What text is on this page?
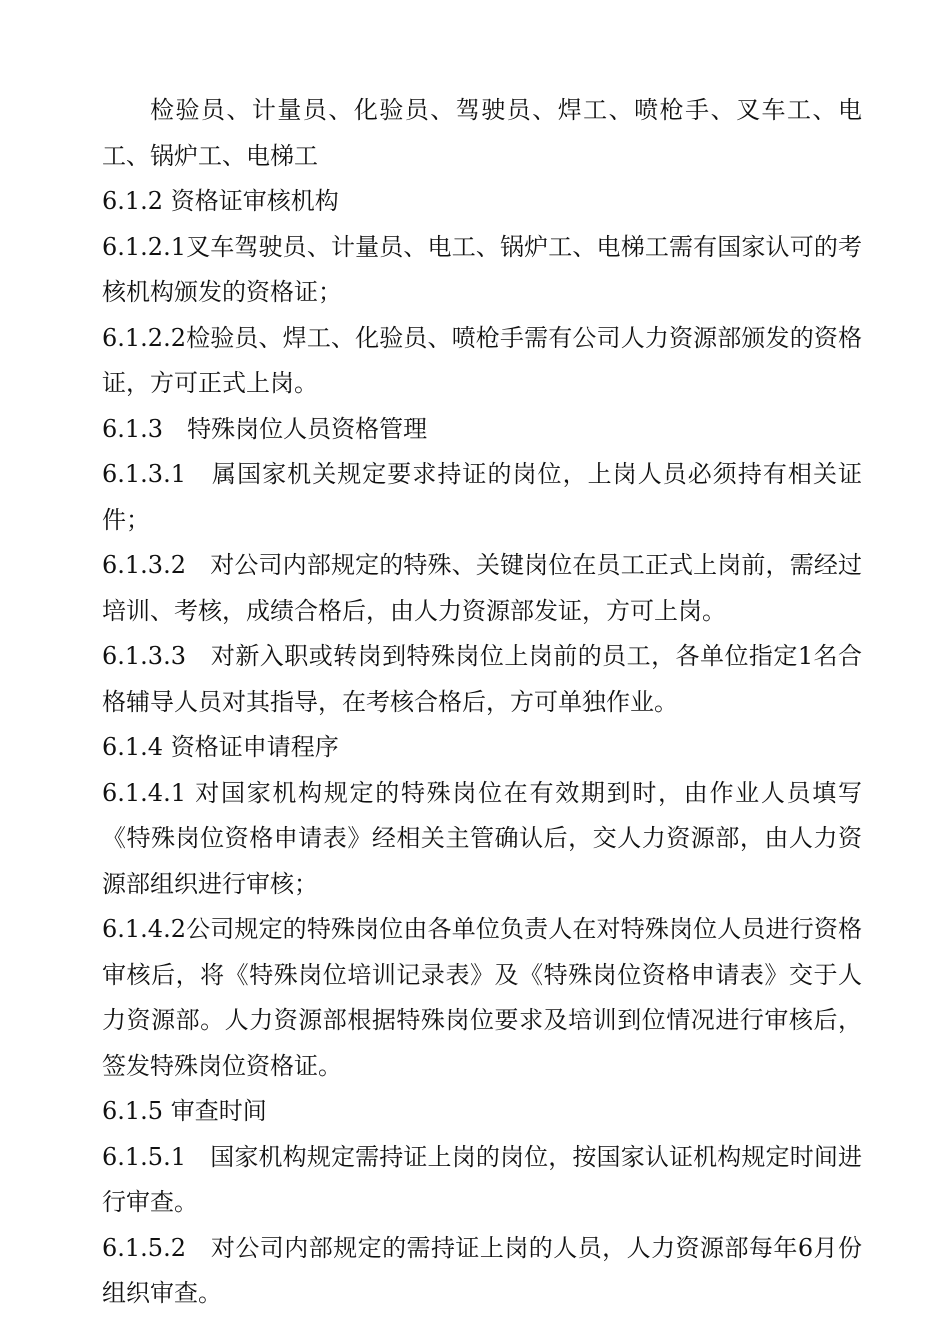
检验员、计量员、化验员、驾驶员、焊工、喷枪手、叉车工、电工、锅炉工、电梯工

6.1.2 资格证审核机构

6.1.2.1叉车驾驶员、计量员、电工、锅炉工、电梯工需有国家认可的考核机构颁发的资格证；

6.1.2.2检验员、焊工、化验员、喷枪手需有公司人力资源部颁发的资格证，方可正式上岗。

6.1.3　特殊岗位人员资格管理

6.1.3.1　属国家机关规定要求持证的岗位，上岗人员必须持有相关证件；

6.1.3.2　对公司内部规定的特殊、关键岗位在员工正式上岗前，需经过培训、考核，成绩合格后，由人力资源部发证，方可上岗。

6.1.3.3　对新入职或转岗到特殊岗位上岗前的员工，各单位指定1名合格辅导人员对其指导，在考核合格后，方可单独作业。

6.1.4 资格证申请程序

6.1.4.1 对国家机构规定的特殊岗位在有效期到时，由作业人员填写《特殊岗位资格申请表》经相关主管确认后，交人力资源部，由人力资源部组织进行审核；

6.1.4.2公司规定的特殊岗位由各单位负责人在对特殊岗位人员进行资格审核后，将《特殊岗位培训记录表》及《特殊岗位资格申请表》交于人力资源部。人力资源部根据特殊岗位要求及培训到位情况进行审核后，签发特殊岗位资格证。

6.1.5 审查时间

6.1.5.1　国家机构规定需持证上岗的岗位，按国家认证机构规定时间进行审查。

6.1.5.2　对公司内部规定的需持证上岗的人员，人力资源部每年6月份组织审查。
